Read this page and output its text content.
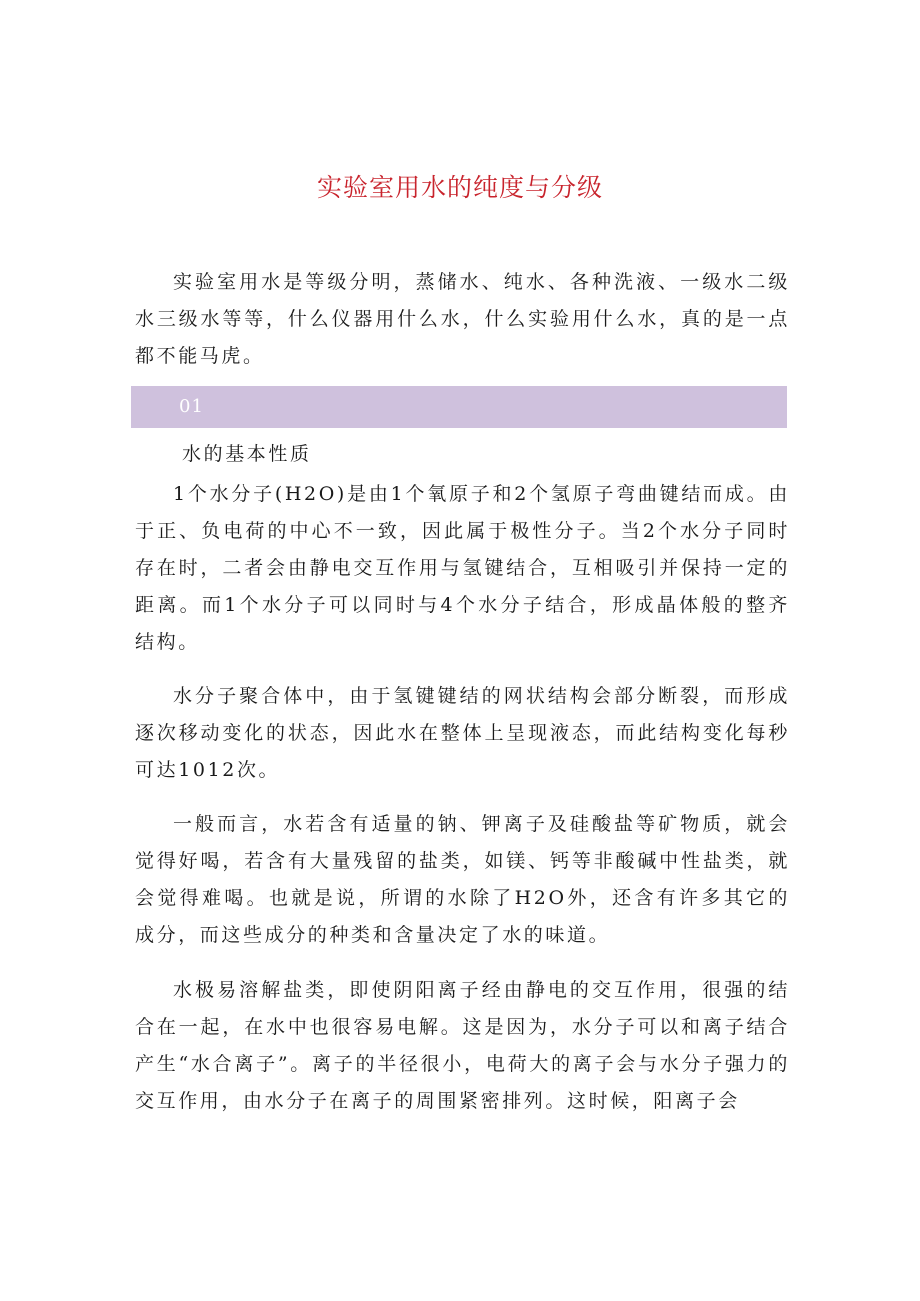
实验室用水的纯度与分级

实验室用水是等级分明，蒸储水、纯水、各种洗液、一级水二级水三级水等等，什么仪器用什么水，什么实验用什么水，真的是一点都不能马虎。

01

水的基本性质

1个水分子(H2O)是由1个氧原子和2个氢原子弯曲键结而成。由于正、负电荷的中心不一致，因此属于极性分子。当2个水分子同时存在时，二者会由静电交互作用与氢键结合，互相吸引并保持一定的距离。而1个水分子可以同时与4个水分子结合，形成晶体般的整齐结构。

水分子聚合体中，由于氢键键结的网状结构会部分断裂，而形成逐次移动变化的状态，因此水在整体上呈现液态，而此结构变化每秒可达1012次。

一般而言，水若含有适量的钠、钾离子及硅酸盐等矿物质，就会觉得好喝，若含有大量残留的盐类，如镁、钙等非酸碱中性盐类，就会觉得难喝。也就是说，所谓的水除了H2O外，还含有许多其它的成分，而这些成分的种类和含量决定了水的味道。

水极易溶解盐类，即使阴阳离子经由静电的交互作用，很强的结合在一起，在水中也很容易电解。这是因为，水分子可以和离子结合产生“水合离子”。离子的半径很小，电荷大的离子会与水分子强力的交互作用，由水分子在离子的周围紧密排列。这时候，阳离子会
